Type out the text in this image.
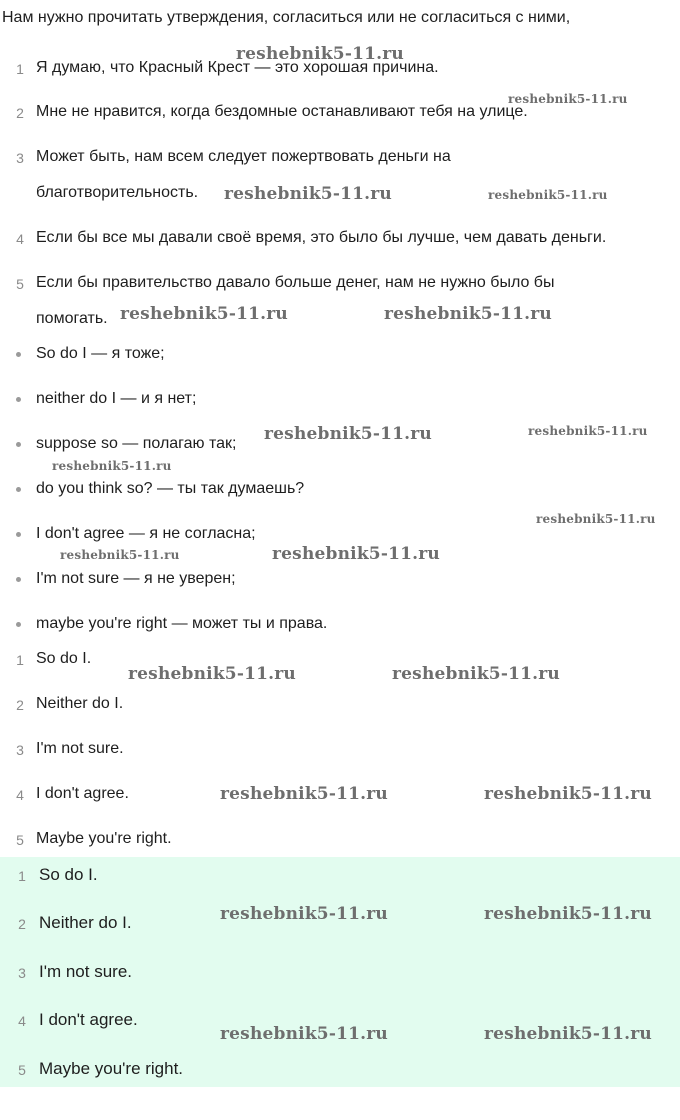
Нам нужно прочитать утверждения, согласиться или не согласиться с ними,
1 Я думаю, что Красный Крест — это хорошая причина.
2 Мне не нравится, когда бездомные останавливают тебя на улице.
3 Может быть, нам всем следует пожертвовать деньги на
благотворительность.
4 Если бы все мы давали своё время, это было бы лучше, чем давать деньги.
5 Если бы правительство давало больше денег, нам не нужно было бы
помогать.
So do I — я тоже;
neither do I — и я нет;
suppose so — полагаю так;
do you think so? — ты так думаешь?
I don't agree — я не согласна;
I'm not sure — я не уверен;
maybe you're right — может ты и права.
1 So do I.
2 Neither do I.
3 I'm not sure.
4 I don't agree.
5 Maybe you're right.
1 So do I.
2 Neither do I.
3 I'm not sure.
4 I don't agree.
5 Maybe you're right.
reshebnik5-11.ru
reshebnik5-11.ru
reshebnik5-11.ru	reshebnik5-11.ru
reshebnik5-11.ru	reshebnik5-11.ru
reshebnik5-11.ru	reshebnik5-11.ru
reshebnik5-11.ru
reshebnik5-11.ru
reshebnik5-11.ru	reshebnik5-11.ru
reshebnik5-11.ru	reshebnik5-11.ru
reshebnik5-11.ru	reshebnik5-11.ru
reshebnik5-11.ru	reshebnik5-11.ru
reshebnik5-11.ru	reshebnik5-11.ru
